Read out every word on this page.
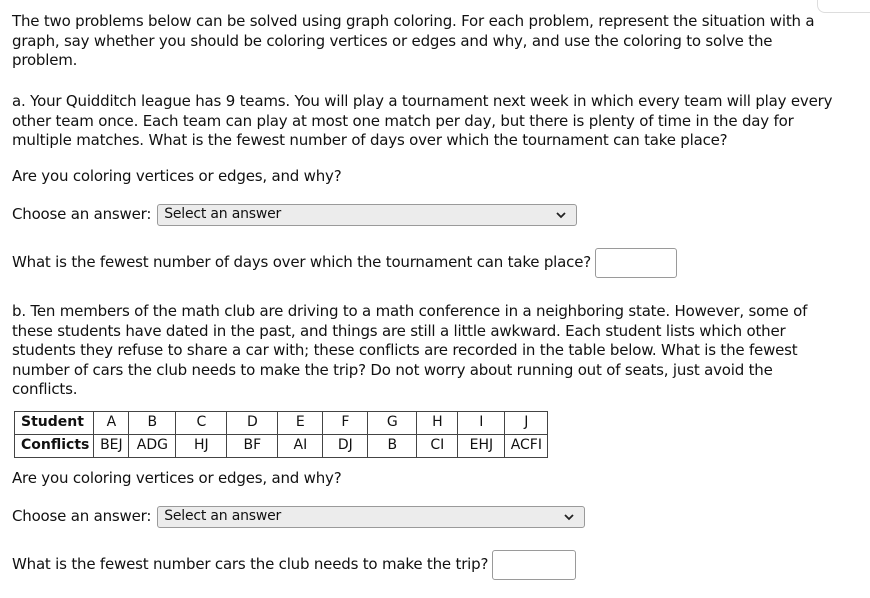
The two problems below can be solved using graph coloring. For each problem, represent the situation with a graph, say whether you should be coloring vertices or edges and why, and use the coloring to solve the problem.

a. Your Quidditch league has 9 teams. You will play a tournament next week in which every team will play every other team once. Each team can play at most one match per day, but there is plenty of time in the day for multiple matches. What is the fewest number of days over which the tournament can take place?

Are you coloring vertices or edges, and why?
Choose an answer: Select an answer
What is the fewest number of days over which the tournament can take place?

b. Ten members of the math club are driving to a math conference in a neighboring state. However, some of these students have dated in the past, and things are still a little awkward. Each student lists which other students they refuse to share a car with; these conflicts are recorded in the table below. What is the fewest number of cars the club needs to make the trip? Do not worry about running out of seats, just avoid the conflicts.

Student	A	B	C	D	E	F	G	H	I	J
Conflicts	BEJ	ADG	HJ	BF	AI	DJ	B	CI	EHJ	ACFI
Are you coloring vertices or edges, and why?
Choose an answer: Select an answer
What is the fewest number cars the club needs to make the trip?
